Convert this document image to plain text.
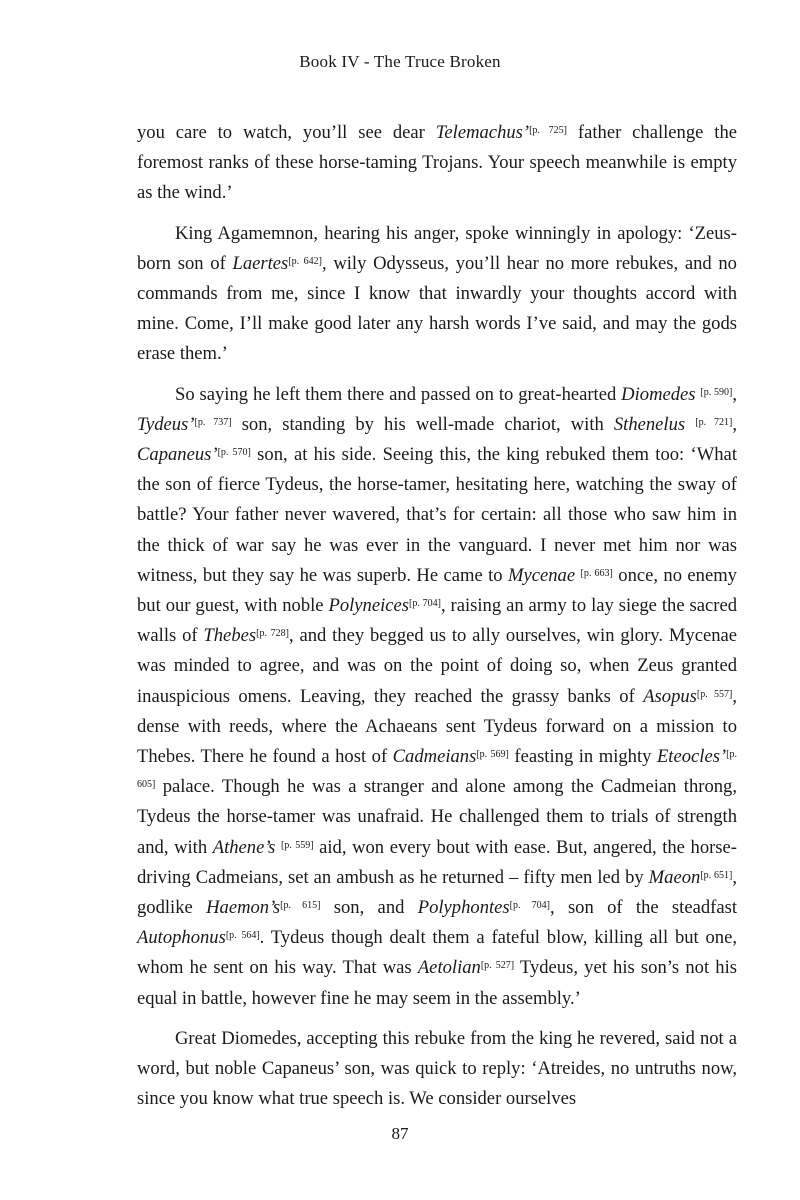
Book IV - The Truce Broken

you care to watch, you’ll see dear Telemachus’[p. 725] father challenge the foremost ranks of these horse-taming Trojans. Your speech meanwhile is empty as the wind.’

King Agamemnon, hearing his anger, spoke winningly in apology: ‘Zeus-born son of Laertes[p. 642], wily Odysseus, you’ll hear no more rebukes, and no commands from me, since I know that inwardly your thoughts accord with mine. Come, I’ll make good later any harsh words I’ve said, and may the gods erase them.’

So saying he left them there and passed on to great-hearted Diomedes [p. 590], Tydeus’[p. 737] son, standing by his well-made chariot, with Sthenelus [p. 721], Capaneus’[p. 570] son, at his side. Seeing this, the king rebuked them too: ‘What the son of fierce Tydeus, the horse-tamer, hesitating here, watching the sway of battle? Your father never wavered, that’s for certain: all those who saw him in the thick of war say he was ever in the vanguard. I never met him nor was witness, but they say he was superb. He came to Mycenae [p. 663] once, no enemy but our guest, with noble Polyneices[p. 704], raising an army to lay siege the sacred walls of Thebes[p. 728], and they begged us to ally ourselves, win glory. Mycenae was minded to agree, and was on the point of doing so, when Zeus granted inauspicious omens. Leaving, they reached the grassy banks of Asopus[p. 557], dense with reeds, where the Achaeans sent Tydeus forward on a mission to Thebes. There he found a host of Cadmeians[p. 569] feasting in mighty Eteocles’[p. 605] palace. Though he was a stranger and alone among the Cadmeian throng, Tydeus the horse-tamer was unafraid. He challenged them to trials of strength and, with Athene’s [p. 559] aid, won every bout with ease. But, angered, the horse-driving Cadmeians, set an ambush as he returned – fifty men led by Maeon[p. 651], godlike Haemon’s[p. 615] son, and Polyphontes[p. 704], son of the steadfast Autophonus[p. 564]. Tydeus though dealt them a fateful blow, killing all but one, whom he sent on his way. That was Aetolian[p. 527] Tydeus, yet his son’s not his equal in battle, however fine he may seem in the assembly.’

Great Diomedes, accepting this rebuke from the king he revered, said not a word, but noble Capaneus’ son, was quick to reply: ‘Atreides, no untruths now, since you know what true speech is. We consider ourselves

87
